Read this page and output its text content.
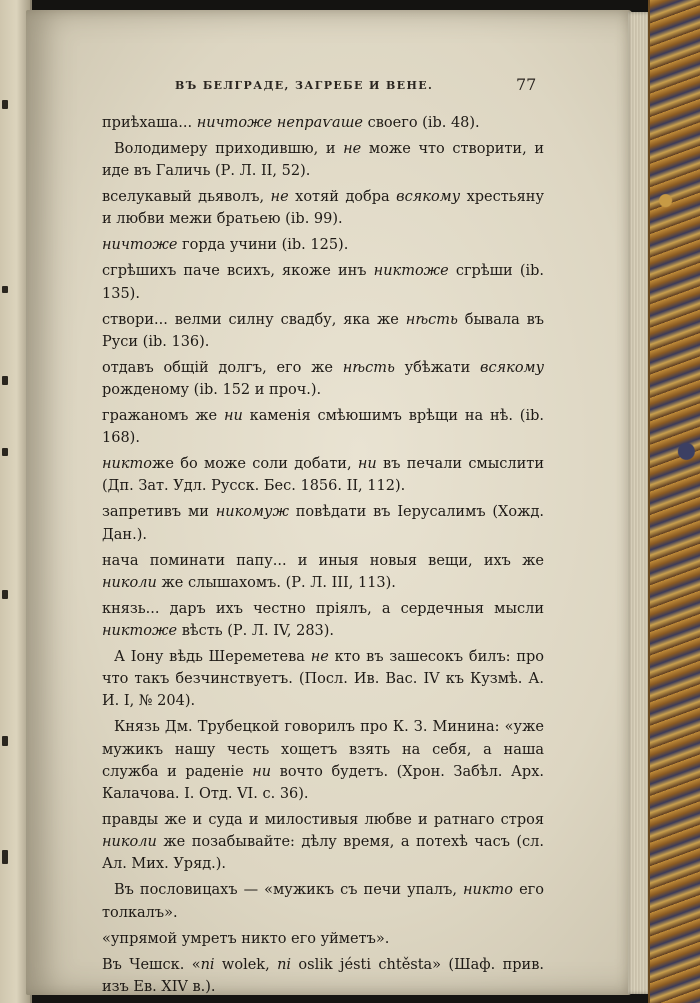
ВЪ БЕЛГРАДЕ, ЗАГРЕБЕ И ВЕНЕ.	77

приѣхаша... ничтоже непраѵаше своего (ib. 48).

Володимеру приходившю, и не може что створити, и иде въ Галичь (Р. Л. II, 52).

вселукавый дьяволъ, не хотяй добра всякому хрестьяну и любви межи братьею (ib. 99).

ничтоже горда учини (ib. 125).

сгрѣшихъ паче всихъ, якоже инъ никтоже сгрѣши (ib. 135).

створи... велми силну свадбу, яка же нѣсть бывала въ Руси (ib. 136).

отдавъ общій долгъ, его же нѣсть убѣжати всякому рожденому (ib. 152 и проч.).

гражаномъ же ни каменія смѣюшимъ врѣщи на нѣ. (ib. 168).

никтоже бо може соли добати, ни въ печали смыслити (Дп. Зат. Удл. Русск. Бес. 1856. II, 112).

запретивъ ми никомуж повѣдати въ Іерусалимъ (Хожд. Дан.).

нача поминати папу... и иныя новыя вещи, ихъ же николи же слышахомъ. (Р. Л. III, 113).

князь... даръ ихъ честно прiялъ, а сердечныя мысли никтоже вѣсть (Р. Л. IV, 283).

А Іону вѣдь Шереметева не кто въ зашесокъ билъ: про что такъ безчинствуетъ. (Посл. Ив. Вас. IV къ Кузмѣ. А. И. I, № 204).

Князь Дм. Трубецкой говорилъ про К. З. Минина: «уже мужикъ нашу честь хощетъ взять на себя, а наша служба и раденіе ни вочто будетъ. (Хрон. Забѣл. Арх. Калачова. I. Отд. VI. с. 36).

правды же и суда и милостивыя любве и ратнаго строя николи же позабывайте: дѣлу время, а потехѣ часъ (сл. Ал. Мих. Уряд.).

Въ пословицахъ — «мужикъ съ печи упалъ, никто его толкалъ».

«упрямой умретъ никто его уйметъ».

Въ Чешск. «ni wolek, ni oslik jésti chtěsta» (Шаф. прив. изъ Ев. XIV в.).
